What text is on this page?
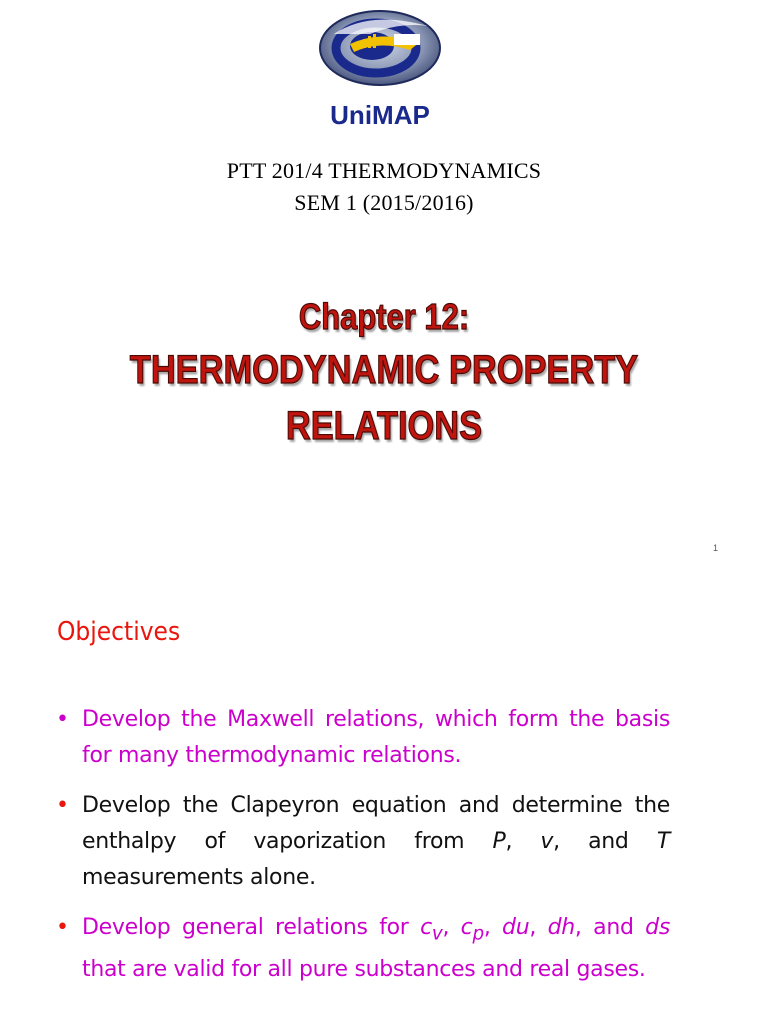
UniMAP
PTT 201/4 THERMODYNAMICS
SEM 1 (2015/2016)
Chapter 12:
THERMODYNAMIC PROPERTY
RELATIONS
1
Objectives
• Develop the Maxwell relations, which form the basis for many thermodynamic relations.
• Develop the Clapeyron equation and determine the enthalpy of vaporization from P, v, and T measurements alone.
• Develop general relations for $c_v$, $c_p$, du, dh, and ds that are valid for all pure substances and real gases.
